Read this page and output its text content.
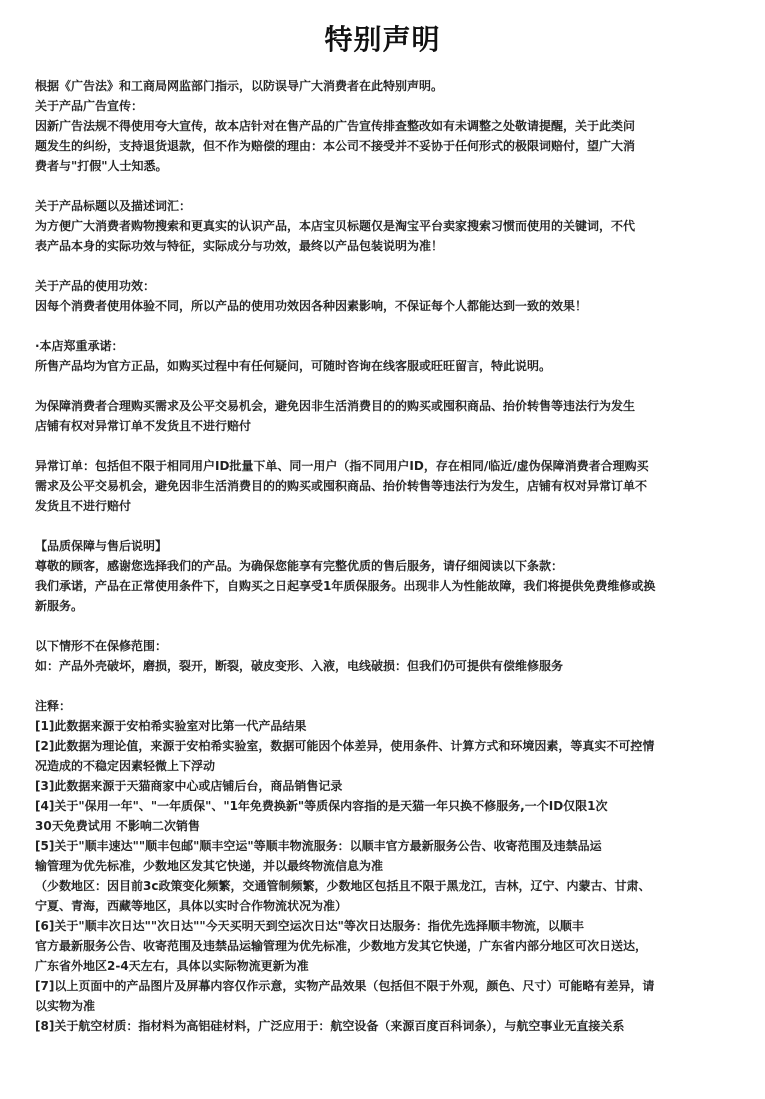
特别声明
根据《广告法》和工商局网监部门指示，以防误导广大消费者在此特别声明。
关于产品广告宣传：
因新广告法规不得使用夸大宣传，故本店针对在售产品的广告宣传排查整改如有未调整之处敬请提醒，关于此类问
题发生的纠纷，支持退货退款，但不作为赔偿的理由：本公司不接受并不妥协于任何形式的极限词赔付，望广大消
费者与"打假"人士知悉。
关于产品标题以及描述词汇：
为方便广大消费者购物搜索和更真实的认识产品，本店宝贝标题仅是淘宝平台卖家搜索习惯而使用的关键词，不代
表产品本身的实际功效与特征，实际成分与功效，最终以产品包装说明为准！
关于产品的使用功效：
因每个消费者使用体验不同，所以产品的使用功效因各种因素影响，不保证每个人都能达到一致的效果！
·本店郑重承诺：
所售产品均为官方正品，如购买过程中有任何疑问，可随时咨询在线客服或旺旺留言，特此说明。
为保障消费者合理购买需求及公平交易机会，避免因非生活消费目的的购买或囤积商品、抬价转售等违法行为发生
店铺有权对异常订单不发货且不进行赔付
异常订单：包括但不限于相同用户ID批量下单、同一用户（指不同用户ID，存在相同/临近/虚伪保障消费者合理购买
需求及公平交易机会，避免因非生活消费目的的购买或囤积商品、抬价转售等违法行为发生，店铺有权对异常订单不
发货且不进行赔付
【品质保障与售后说明】
尊敬的顾客，感谢您选择我们的产品。为确保您能享有完整优质的售后服务，请仔细阅读以下条款：
我们承诺，产品在正常使用条件下，自购买之日起享受1年质保服务。出现非人为性能故障，我们将提供免费维修或换
新服务。
以下情形不在保修范围：
如：产品外壳破坏，磨损，裂开，断裂，破皮变形、入液，电线破损：但我们仍可提供有偿维修服务
注释：
[1]此数据来源于安柏希实验室对比第一代产品结果
[2]此数据为理论值，来源于安柏希实验室，数据可能因个体差异，使用条件、计算方式和环境因素，等真实不可控情
况造成的不稳定因素轻微上下浮动
[3]此数据来源于天猫商家中心或店铺后台，商品销售记录
[4]关于"保用一年"、"一年质保"、"1年免费换新"等质保内容指的是天猫一年只换不修服务,一个ID仅限1次
30天免费试用 不影响二次销售
[5]关于"顺丰速达""顺丰包邮"顺丰空运"等顺丰物流服务：以顺丰官方最新服务公告、收寄范围及违禁品运
输管理为优先标准，少数地区发其它快递，并以最终物流信息为准
（少数地区：因目前3c政策变化频繁，交通管制频繁，少数地区包括且不限于黑龙江，吉林，辽宁、内蒙古、甘肃、
宁夏、青海，西藏等地区，具体以实时合作物流状况为准）
[6]关于"顺丰次日达""次日达""今天买明天到空运次日达"等次日达服务：指优先选择顺丰物流，以顺丰
官方最新服务公告、收寄范围及违禁品运输管理为优先标准，少数地方发其它快递，广东省内部分地区可次日送达，
广东省外地区2-4天左右，具体以实际物流更新为准
[7]以上页面中的产品图片及屏幕内容仅作示意，实物产品效果（包括但不限于外观，颜色、尺寸）可能略有差异，请
以实物为准
[8]关于航空材质：指材料为高铝硅材料，广泛应用于：航空设备（来源百度百科词条），与航空事业无直接关系
